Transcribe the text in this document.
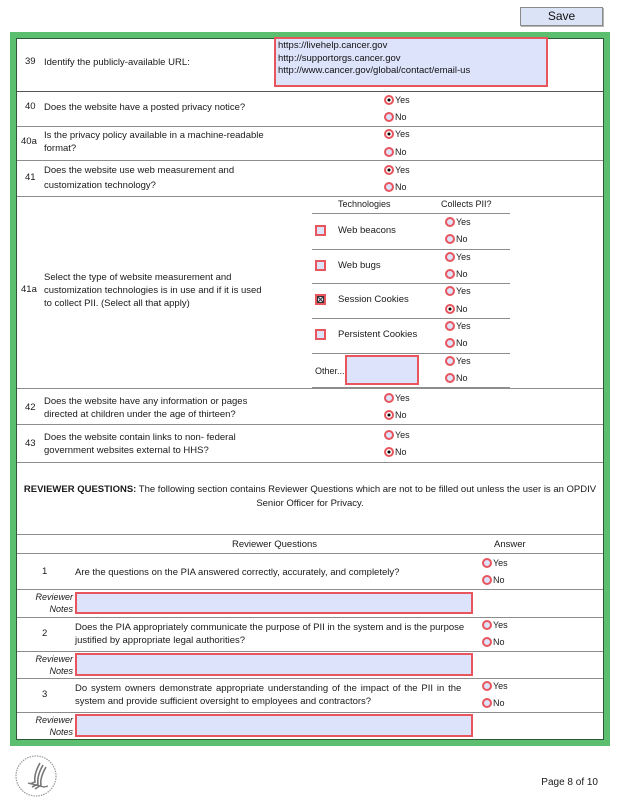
Save
39 Identify the publicly-available URL:
https://livehelp.cancer.gov
http://supportorgs.cancer.gov
http://www.cancer.gov/global/contact/email-us
40 Does the website have a posted privacy notice?
Yes
No
40a
Is the privacy policy available in a machine-readable
format?
Yes
No
41
Does the website use web measurement and
customization technology?
Yes
No
41a
Select the type of website measurement and
customization technologies is in use and if it is used
to collect PII. (Select all that apply)
Technologies	Collects PII?
Web beacons
Yes
No
Web bugs
Yes
No
Session Cookies
Yes
No
Persistent Cookies
Yes
No
Other...
Yes
No
42
Does the website have any information or pages
directed at children under the age of thirteen?
Yes
No
43
Does the website contain links to non- federal
government websites external to HHS?
Yes
No
REVIEWER QUESTIONS: The following section contains Reviewer Questions which are not to be filled out unless the user is an OPDIV
Senior Officer for Privacy.
Reviewer Questions	Answer
1	Are the questions on the PIA answered correctly, accurately, and completely?
Yes
No
Reviewer
Notes
2
Does the PIA appropriately communicate the purpose of PII in the system and is the purpose
justified by appropriate legal authorities?
Yes
No
Reviewer
Notes
3
Do system owners demonstrate appropriate understanding of the impact of the PII in the
system and provide sufficient oversight to employees and contractors?
Yes
No
Reviewer
Notes
Page 8 of 10
